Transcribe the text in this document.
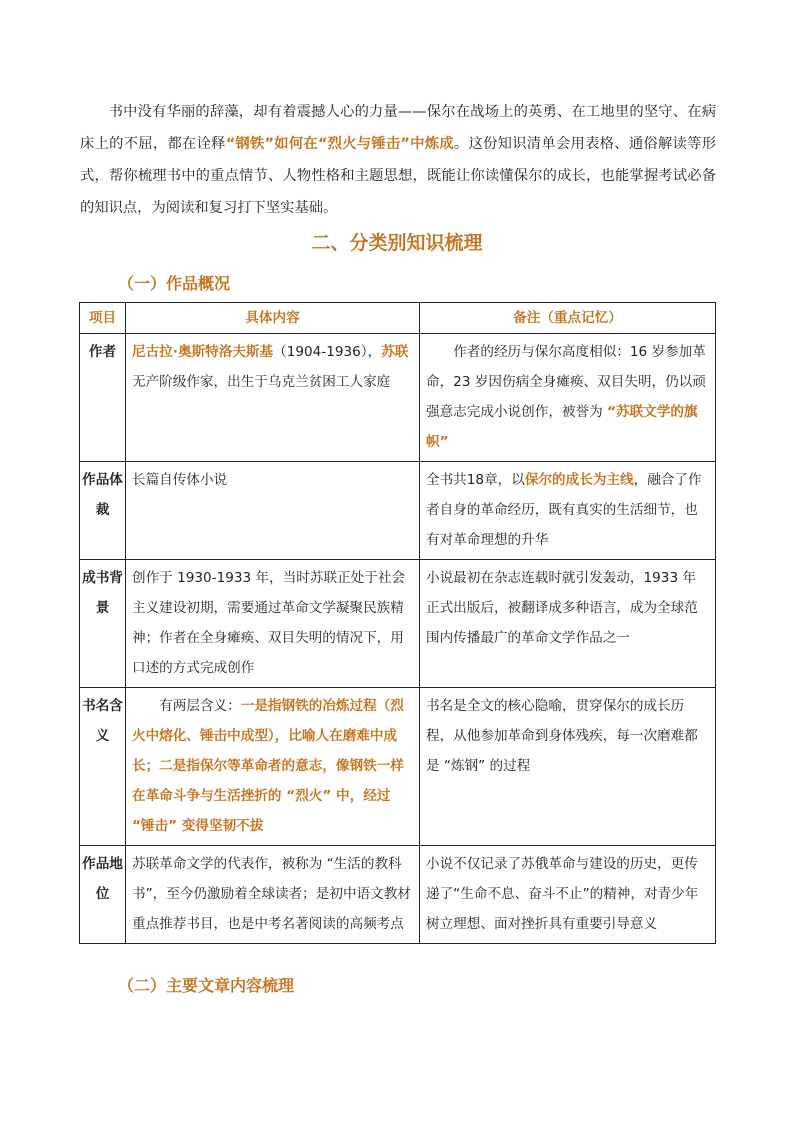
书中没有华丽的辞藻，却有着震撼人心的力量——保尔在战场上的英勇、在工地里的坚守、在病床上的不屈，都在诠释“钢铁”如何在“烈火与锤击”中炼成。这份知识清单会用表格、通俗解读等形式，帮你梳理书中的重点情节、人物性格和主题思想，既能让你读懂保尔的成长，也能掌握考试必备的知识点，为阅读和复习打下坚实基础。

二、分类别知识梳理
（一）作品概况
项目	具体内容	备注（重点记忆）
作者	尼古拉·奥斯特洛夫斯基（1904-1936），苏联无产阶级作家，出生于乌克兰贫困工人家庭	作者的经历与保尔高度相似：16 岁参加革命，23 岁因伤病全身瘫痪、双目失明，仍以顽强意志完成小说创作，被誉为 “苏联文学的旗帜”

作品体裁	长篇自传体小说	全书共18章，以保尔的成长为主线，融合了作者自身的革命经历，既有真实的生活细节，也有对革命理想的升华
成书背景	创作于 1930-1933 年，当时苏联正处于社会主义建设初期，需要通过革命文学凝聚民族精神；作者在全身瘫痪、双目失明的情况下，用口述的方式完成创作	小说最初在杂志连载时就引发轰动，1933 年正式出版后，被翻译成多种语言，成为全球范围内传播最广的革命文学作品之一
书名含义	有两层含义：一是指钢铁的冶炼过程（烈火中熔化、锤击中成型），比喻人在磨难中成长；二是指保尔等革命者的意志，像钢铁一样在革命斗争与生活挫折的 “烈火” 中，经过 “锤击” 变得坚韧不拔	书名是全文的核心隐喻，贯穿保尔的成长历程，从他参加革命到身体残疾，每一次磨难都是 “炼钢” 的过程
作品地位	苏联革命文学的代表作，被称为 “生活的教科书”，至今仍激励着全球读者；是初中语文教材重点推荐书目，也是中考名著阅读的高频考点	小说不仅记录了苏俄革命与建设的历史，更传递了“生命不息、奋斗不止”的精神，对青少年树立理想、面对挫折具有重要引导意义
（二）主要文章内容梳理
